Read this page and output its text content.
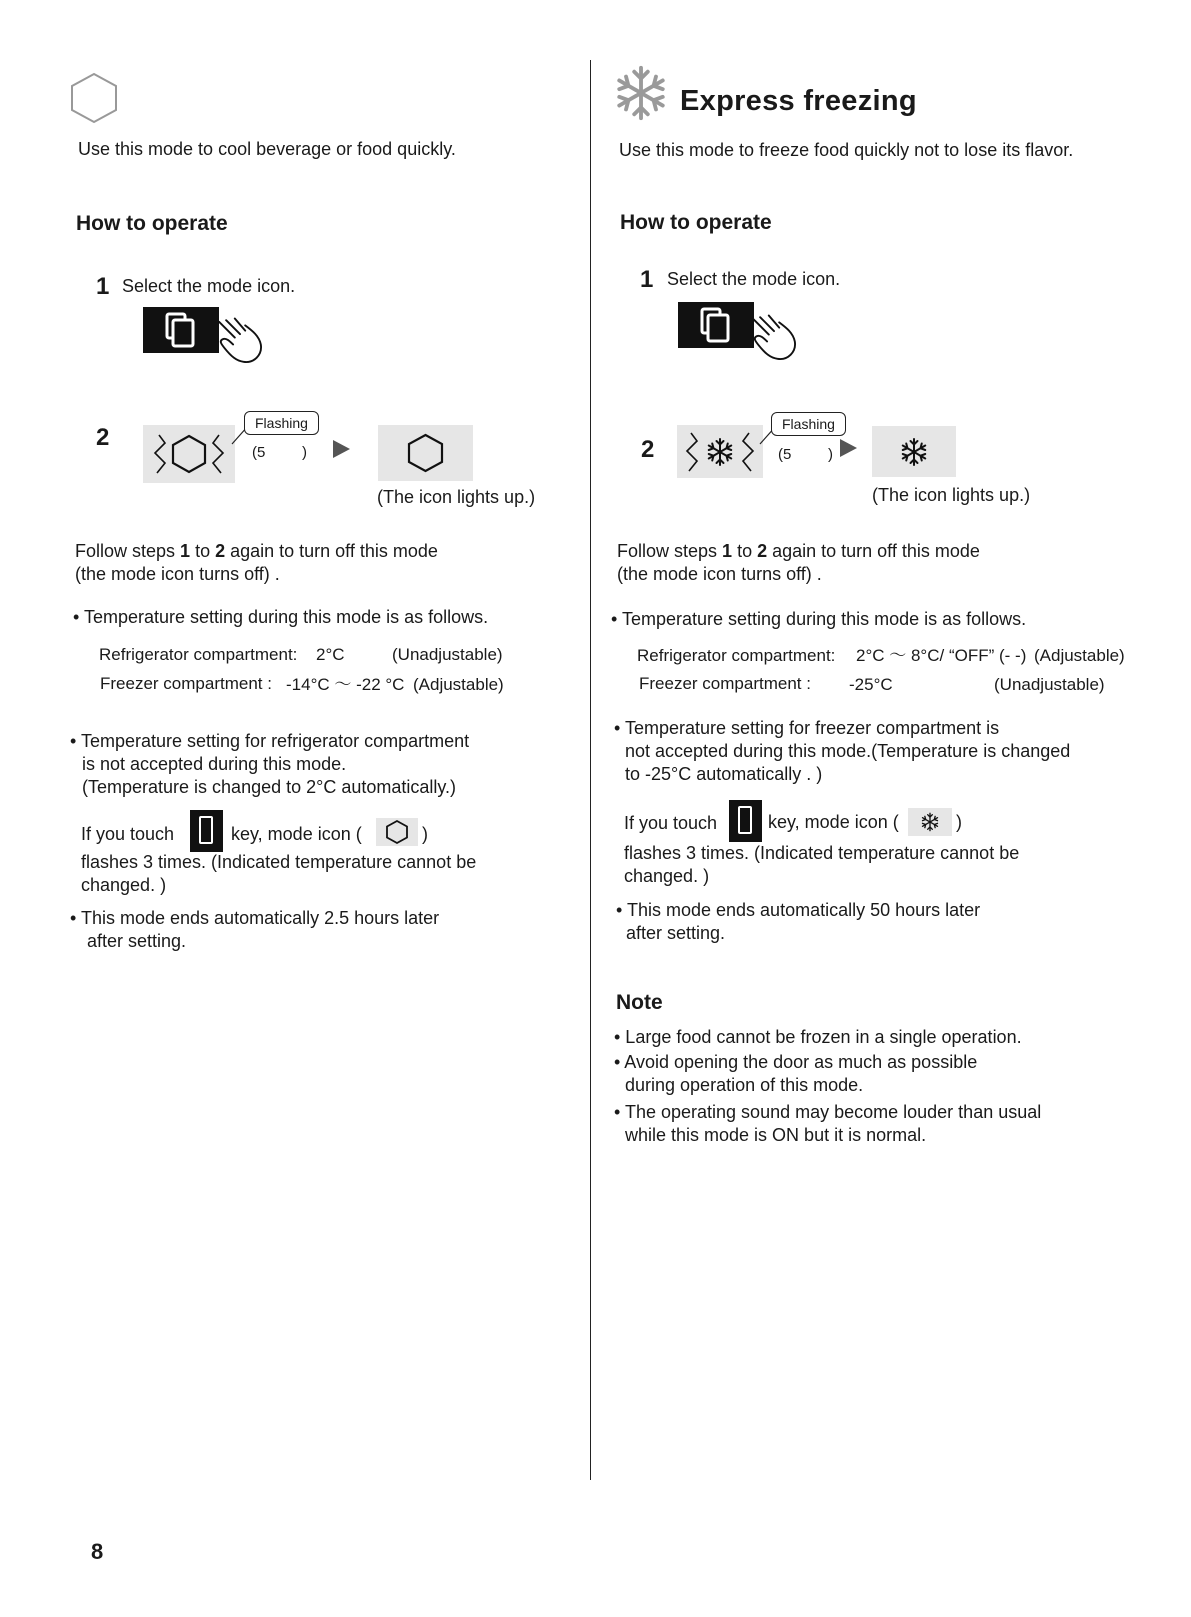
Use this mode to cool beverage or food quickly.
How to operate
1 Select the mode icon.
2
Flashing
(5 )
(The icon lights up.)
Follow steps 1 to 2 again to turn off this mode
(the mode icon turns off) .
• Temperature setting during this mode is as follows.
Refrigerator compartment: 2°C	(Unadjustable)
Freezer compartment : -14°C ～ -22 °C (Adjustable)
• Temperature setting for refrigerator compartment
is not accepted during this mode.
(Temperature is changed to 2°C automatically.)
If you touch	key, mode icon (	)
flashes 3 times. (Indicated temperature cannot be
changed. )
• This mode ends automatically 2.5 hours later
after setting.
Express freezing
Use this mode to freeze food quickly not to lose its flavor.
How to operate
1 Select the mode icon.
2
Flashing
(5 )
(The icon lights up.)
Follow steps 1 to 2 again to turn off this mode
(the mode icon turns off) .
• Temperature setting during this mode is as follows.
Refrigerator compartment: 2°C ～ 8°C/ “OFF” (- -) (Adjustable)
Freezer compartment : -25°C	(Unadjustable)
• Temperature setting for freezer compartment is
not accepted during this mode.(Temperature is changed
to -25°C automatically . )
If you touch	key, mode icon (	)
flashes 3 times. (Indicated temperature cannot be
changed. )
• This mode ends automatically 50 hours later
after setting.
Note
• Large food cannot be frozen in a single operation.
• Avoid opening the door as much as possible
during operation of this mode.
• The operating sound may become louder than usual
while this mode is ON but it is normal.
8
